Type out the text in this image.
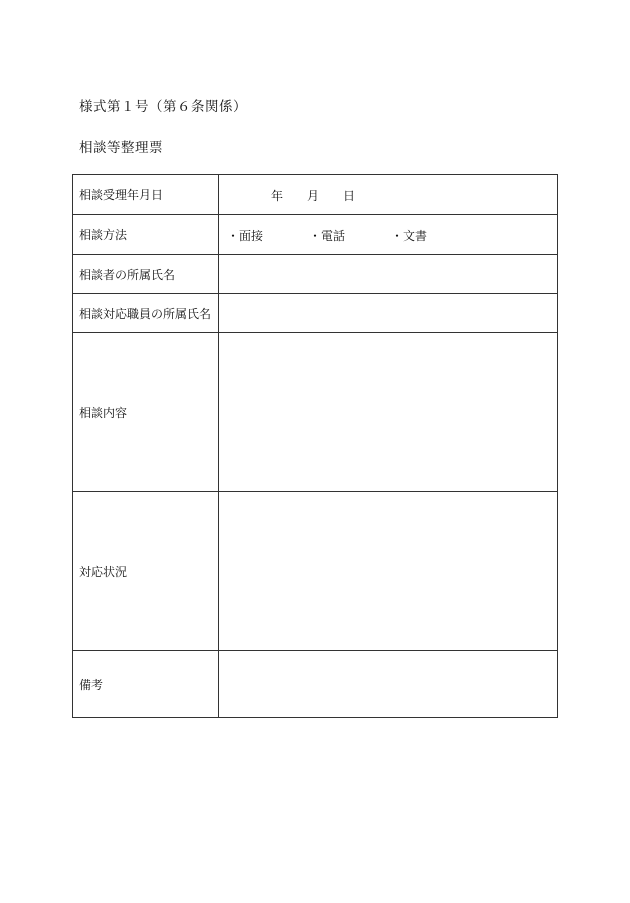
様式第１号（第６条関係）
相談等整理票
相談受理年月日	年 月 日

相談方法	・面接 ・電話 ・文書

相談者の所属氏名	
相談対応職員の所属氏名	
相談内容	
対応状況	
備考	
